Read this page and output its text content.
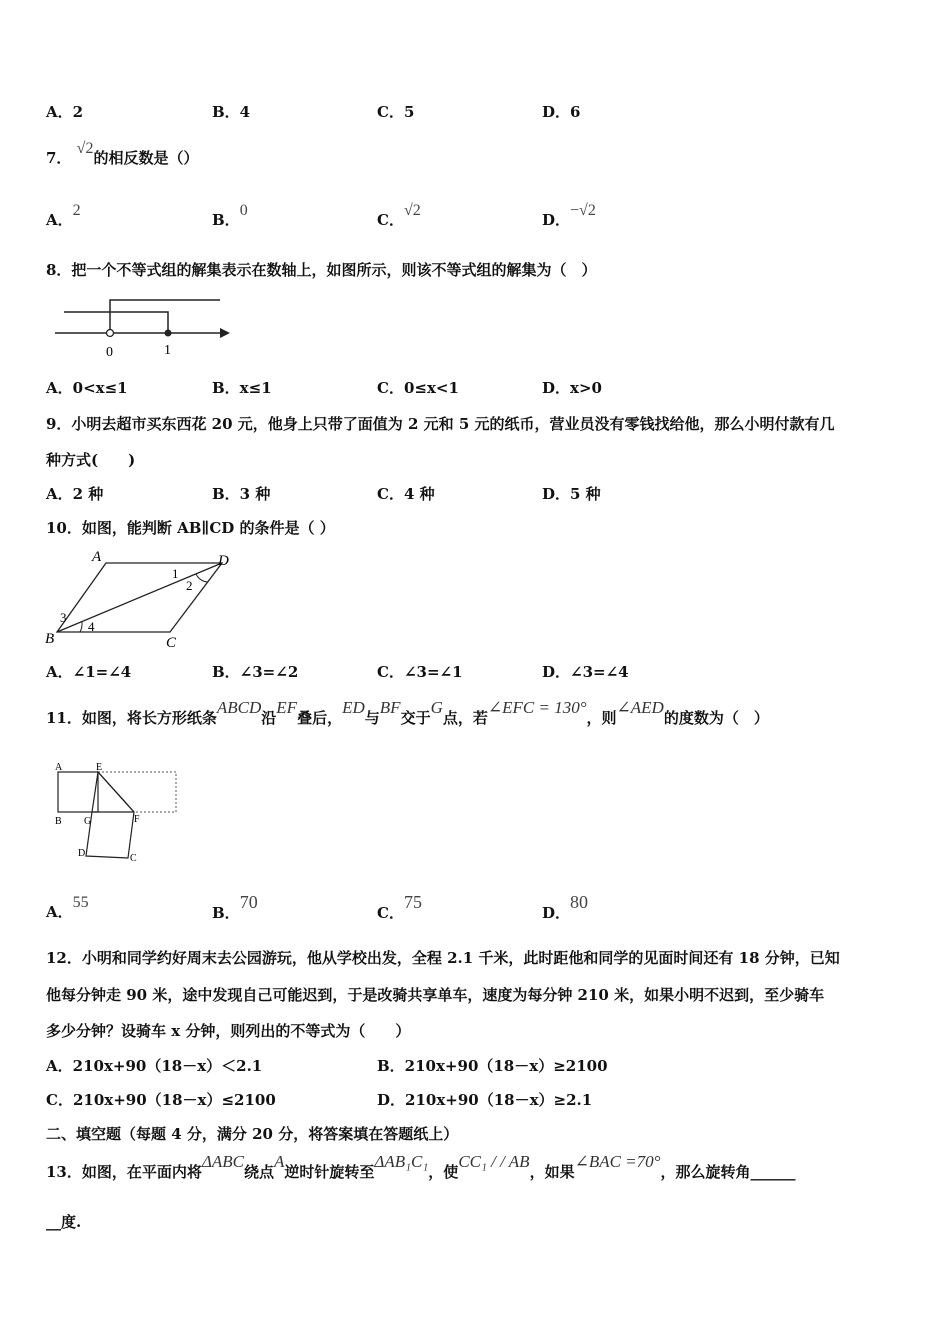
A．2	B．4	C．5	D．6
7． √2的相反数是（）
A．2
B．0
C．√2
D．−√2
8．把一个不等式组的解集表示在数轴上，如图所示，则该不等式组的解集为（　）
0	1
A．0<x≤1	B．x≤1	C．0≤x<1	D．x>0
9．小明去超市买东西花 20 元，他身上只带了面值为 2 元和 5 元的纸币，营业员没有零钱找给他，那么小明付款有几
种方式(　　)
A．2 种	B．3 种	C．4 种	D．5 种
10．如图，能判断 AB∥CD 的条件是（ ）
A	D
B	C
1
2
3
4
A．∠1=∠4	B．∠3=∠2	C．∠3=∠1	D．∠3=∠4
11．如图，将长方形纸条ABCD沿EF叠后，ED与BF交于G点，若∠EFC = 130°，则∠AED的度数为（　）
A	E
B G	F
D	C
A．55
B．70
C．75
D．80
12．小明和同学约好周末去公园游玩，他从学校出发，全程 2.1 千米，此时距他和同学的见面时间还有 18 分钟，已知
他每分钟走 90 米，途中发现自己可能迟到，于是改骑共享单车，速度为每分钟 210 米，如果小明不迟到，至少骑车
多少分钟？设骑车 x 分钟，则列出的不等式为（　　）
A．210x+90（18－x）＜2.1	B．210x+90（18－x）≥2100
C．210x+90（18－x）≤2100	D．210x+90（18－x）≥2.1
二、填空题（每题 4 分，满分 20 分，将答案填在答题纸上）
13．如图，在平面内将ΔABC绕点A逆时针旋转至ΔAB₁C₁，使CC₁ / / AB，如果∠BAC =70°，那么旋转角______
__度.
